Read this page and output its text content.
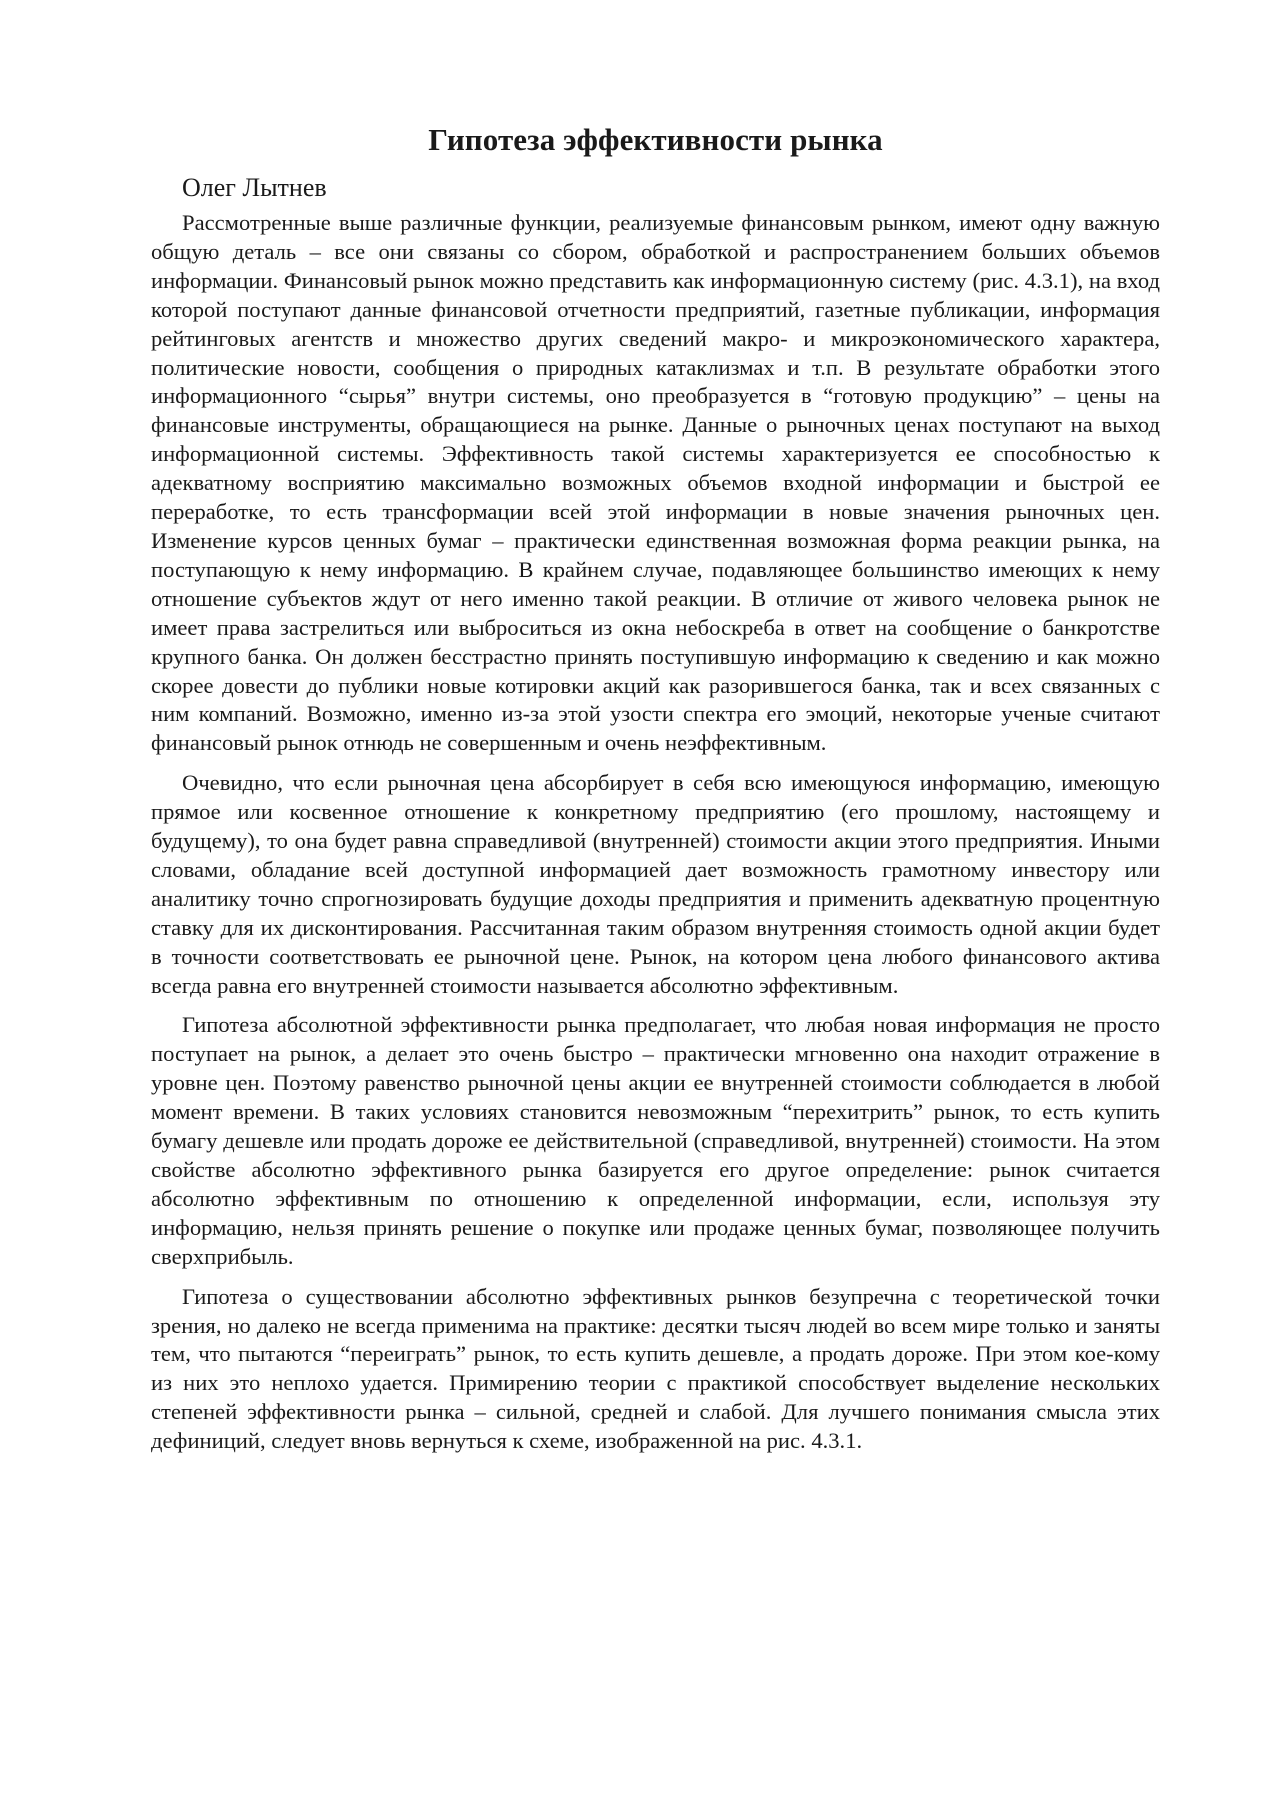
Гипотеза эффективности рынка
Олег Лытнев

Рассмотренные выше различные функции, реализуемые финансовым рынком, имеют одну важную общую деталь – все они связаны со сбором, обработкой и распространением больших объемов информации. Финансовый рынок можно представить как информационную систему (рис. 4.3.1), на вход которой поступают данные финансовой отчетности предприятий, газетные публикации, информация рейтинговых агентств и множество других сведений макро- и микроэкономического характера, политические новости, сообщения о природных катаклизмах и т.п. В результате обработки этого информационного “сырья” внутри системы, оно преобразуется в “готовую продукцию” – цены на финансовые инструменты, обращающиеся на рынке. Данные о рыночных ценах поступают на выход информационной системы. Эффективность такой системы характеризуется ее способностью к адекватному восприятию максимально возможных объемов входной информации и быстрой ее переработке, то есть трансформации всей этой информации в новые значения рыночных цен. Изменение курсов ценных бумаг – практически единственная возможная форма реакции рынка, на поступающую к нему информацию. В крайнем случае, подавляющее большинство имеющих к нему отношение субъектов ждут от него именно такой реакции. В отличие от живого человека рынок не имеет права застрелиться или выброситься из окна небоскреба в ответ на сообщение о банкротстве крупного банка. Он должен бесстрастно принять поступившую информацию к сведению и как можно скорее довести до публики новые котировки акций как разорившегося банка, так и всех связанных с ним компаний. Возможно, именно из-за этой узости спектра его эмоций, некоторые ученые считают финансовый рынок отнюдь не совершенным и очень неэффективным.

Очевидно, что если рыночная цена абсорбирует в себя всю имеющуюся информацию, имеющую прямое или косвенное отношение к конкретному предприятию (его прошлому, настоящему и будущему), то она будет равна справедливой (внутренней) стоимости акции этого предприятия. Иными словами, обладание всей доступной информацией дает возможность грамотному инвестору или аналитику точно спрогнозировать будущие доходы предприятия и применить адекватную процентную ставку для их дисконтирования. Рассчитанная таким образом внутренняя стоимость одной акции будет в точности соответствовать ее рыночной цене. Рынок, на котором цена любого финансового актива всегда равна его внутренней стоимости называется абсолютно эффективным.

Гипотеза абсолютной эффективности рынка предполагает, что любая новая информация не просто поступает на рынок, а делает это очень быстро – практически мгновенно она находит отражение в уровне цен. Поэтому равенство рыночной цены акции ее внутренней стоимости соблюдается в любой момент времени. В таких условиях становится невозможным “перехитрить” рынок, то есть купить бумагу дешевле или продать дороже ее действительной (справедливой, внутренней) стоимости. На этом свойстве абсолютно эффективного рынка базируется его другое определение: рынок считается абсолютно эффективным по отношению к определенной информации, если, используя эту информацию, нельзя принять решение о покупке или продаже ценных бумаг, позволяющее получить сверхприбыль.

Гипотеза о существовании абсолютно эффективных рынков безупречна с теоретической точки зрения, но далеко не всегда применима на практике: десятки тысяч людей во всем мире только и заняты тем, что пытаются “переиграть” рынок, то есть купить дешевле, а продать дороже. При этом кое-кому из них это неплохо удается. Примирению теории с практикой способствует выделение нескольких степеней эффективности рынка – сильной, средней и слабой. Для лучшего понимания смысла этих дефиниций, следует вновь вернуться к схеме, изображенной на рис. 4.3.1.
